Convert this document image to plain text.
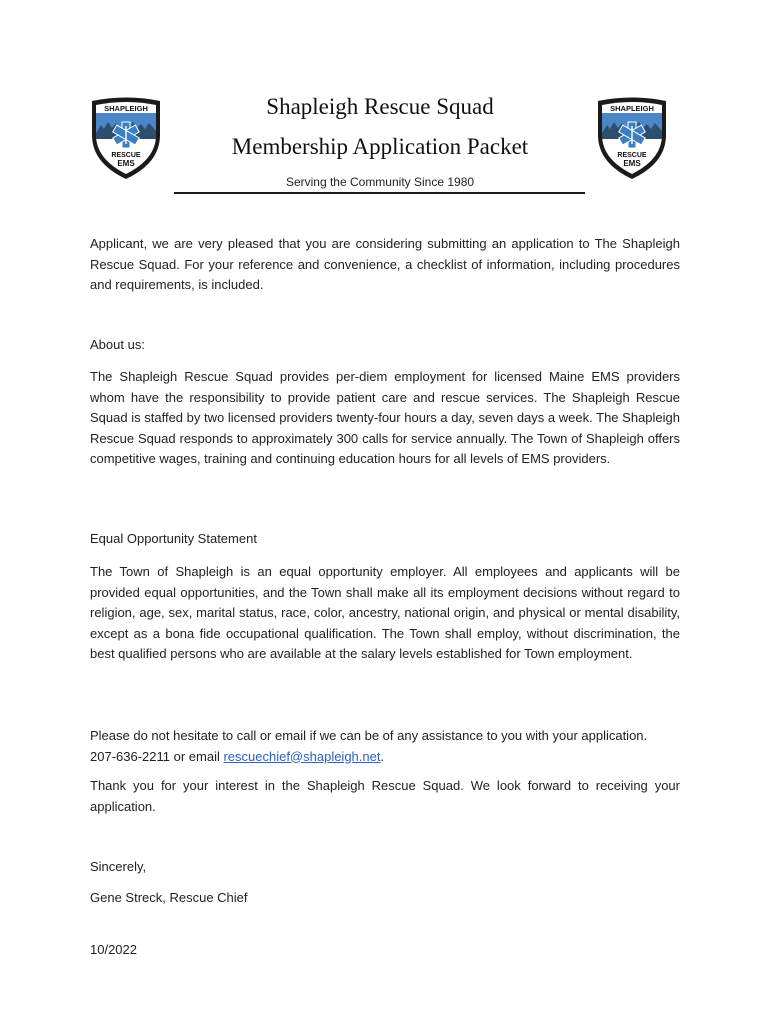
SHAPLEIGH
RESCUE
EMS
Shapleigh Rescue Squad
Membership Application Packet
Serving the Community Since 1980
SHAPLEIGH
RESCUE
EMS

Applicant, we are very pleased that you are considering submitting an application to The Shapleigh Rescue Squad. For your reference and convenience, a checklist of information, including procedures and requirements, is included.

About us:

The Shapleigh Rescue Squad provides per-diem employment for licensed Maine EMS providers whom have the responsibility to provide patient care and rescue services. The Shapleigh Rescue Squad is staffed by two licensed providers twenty-four hours a day, seven days a week. The Shapleigh Rescue Squad responds to approximately 300 calls for service annually. The Town of Shapleigh offers competitive wages, training and continuing education hours for all levels of EMS providers.

Equal Opportunity Statement

The Town of Shapleigh is an equal opportunity employer. All employees and applicants will be provided equal opportunities, and the Town shall make all its employment decisions without regard to religion, age, sex, marital status, race, color, ancestry, national origin, and physical or mental disability, except as a bona fide occupational qualification. The Town shall employ, without discrimination, the best qualified persons who are available at the salary levels established for Town employment.

Please do not hesitate to call or email if we can be of any assistance to you with your application.
207-636-2211 or email rescuechief@shapleigh.net.

Thank you for your interest in the Shapleigh Rescue Squad. We look forward to receiving your application.

Sincerely,

Gene Streck, Rescue Chief

10/2022
